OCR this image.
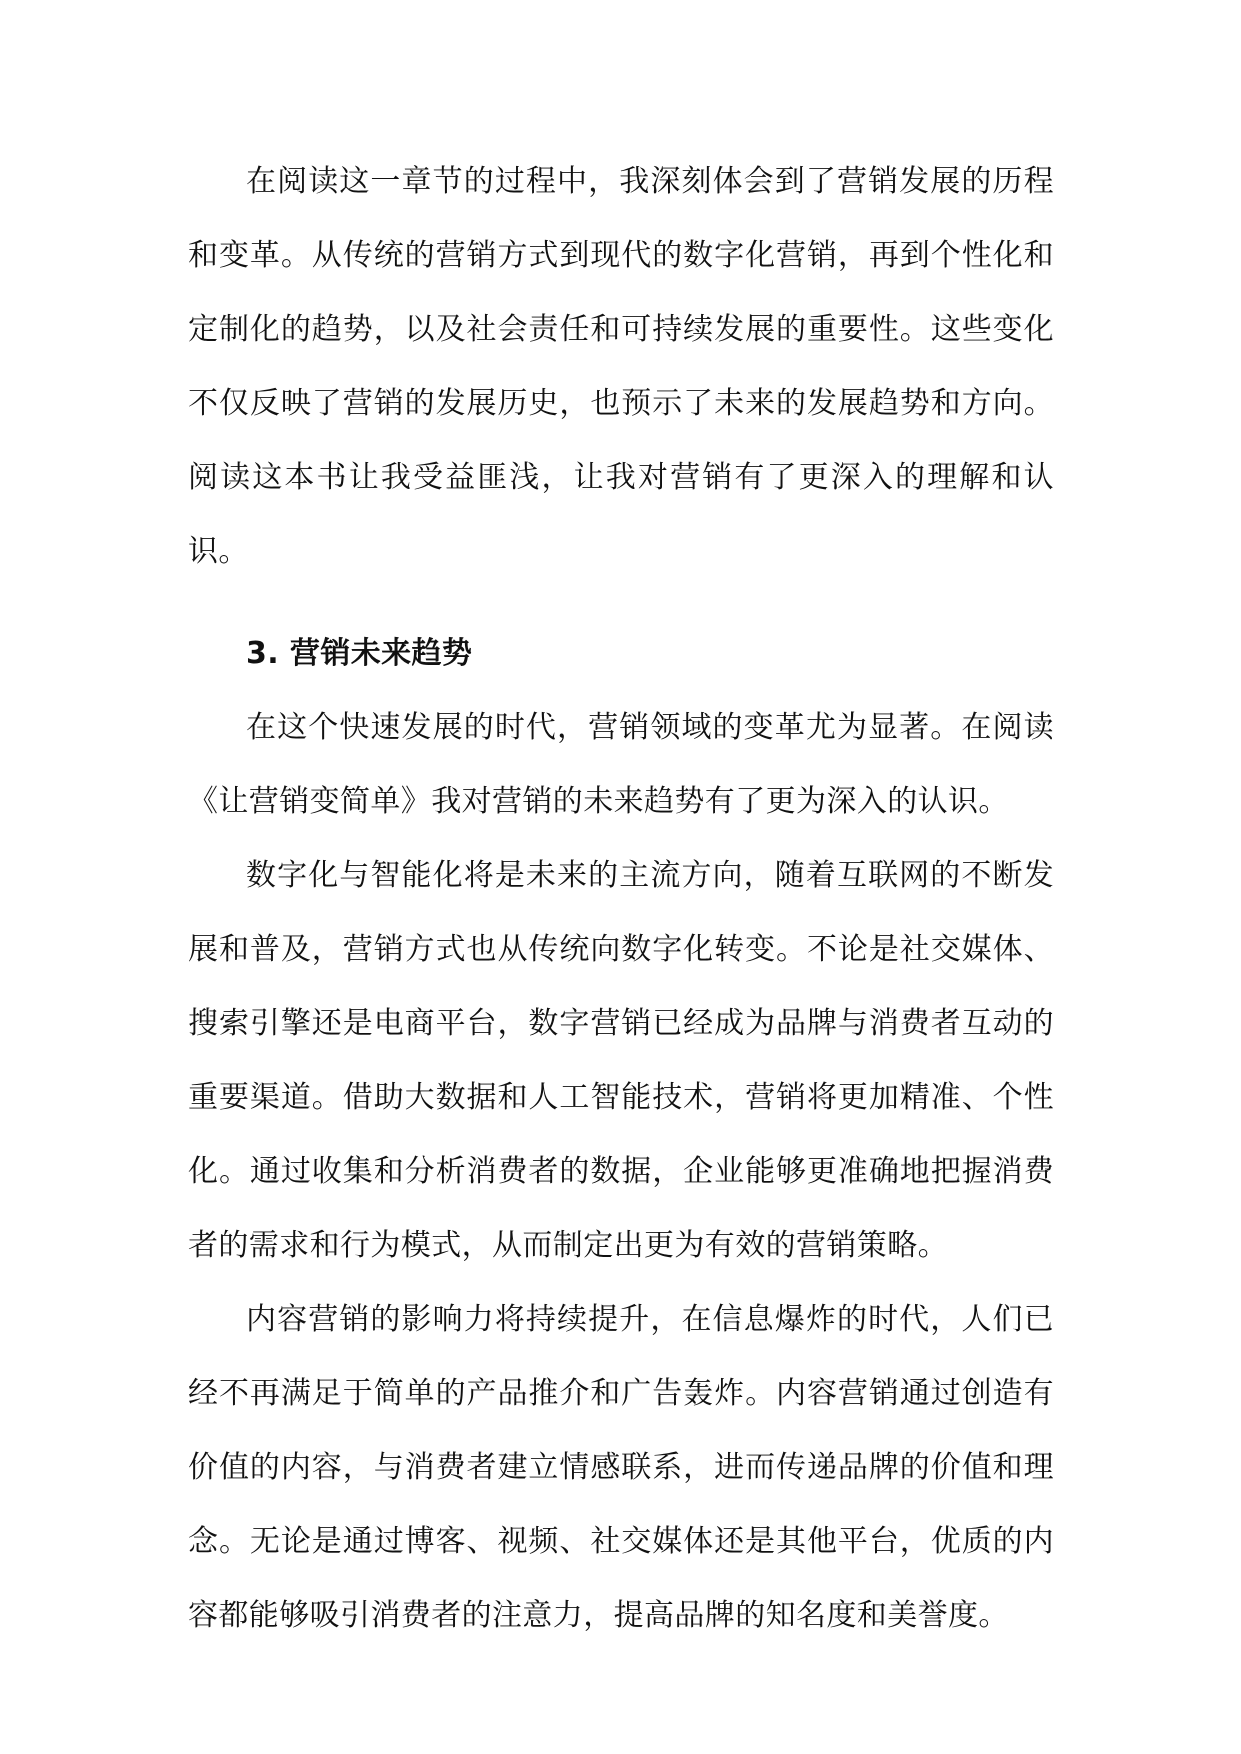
在阅读这一章节的过程中，我深刻体会到了营销发展的历程和变革。从传统的营销方式到现代的数字化营销，再到个性化和定制化的趋势，以及社会责任和可持续发展的重要性。这些变化不仅反映了营销的发展历史，也预示了未来的发展趋势和方向。阅读这本书让我受益匪浅，让我对营销有了更深入的理解和认识。

3. 营销未来趋势

在这个快速发展的时代，营销领域的变革尤为显著。在阅读《让营销变简单》我对营销的未来趋势有了更为深入的认识。

数字化与智能化将是未来的主流方向，随着互联网的不断发展和普及，营销方式也从传统向数字化转变。不论是社交媒体、搜索引擎还是电商平台，数字营销已经成为品牌与消费者互动的重要渠道。借助大数据和人工智能技术，营销将更加精准、个性化。通过收集和分析消费者的数据，企业能够更准确地把握消费者的需求和行为模式，从而制定出更为有效的营销策略。

内容营销的影响力将持续提升，在信息爆炸的时代，人们已经不再满足于简单的产品推介和广告轰炸。内容营销通过创造有价值的内容，与消费者建立情感联系，进而传递品牌的价值和理念。无论是通过博客、视频、社交媒体还是其他平台，优质的内容都能够吸引消费者的注意力，提高品牌的知名度和美誉度。
